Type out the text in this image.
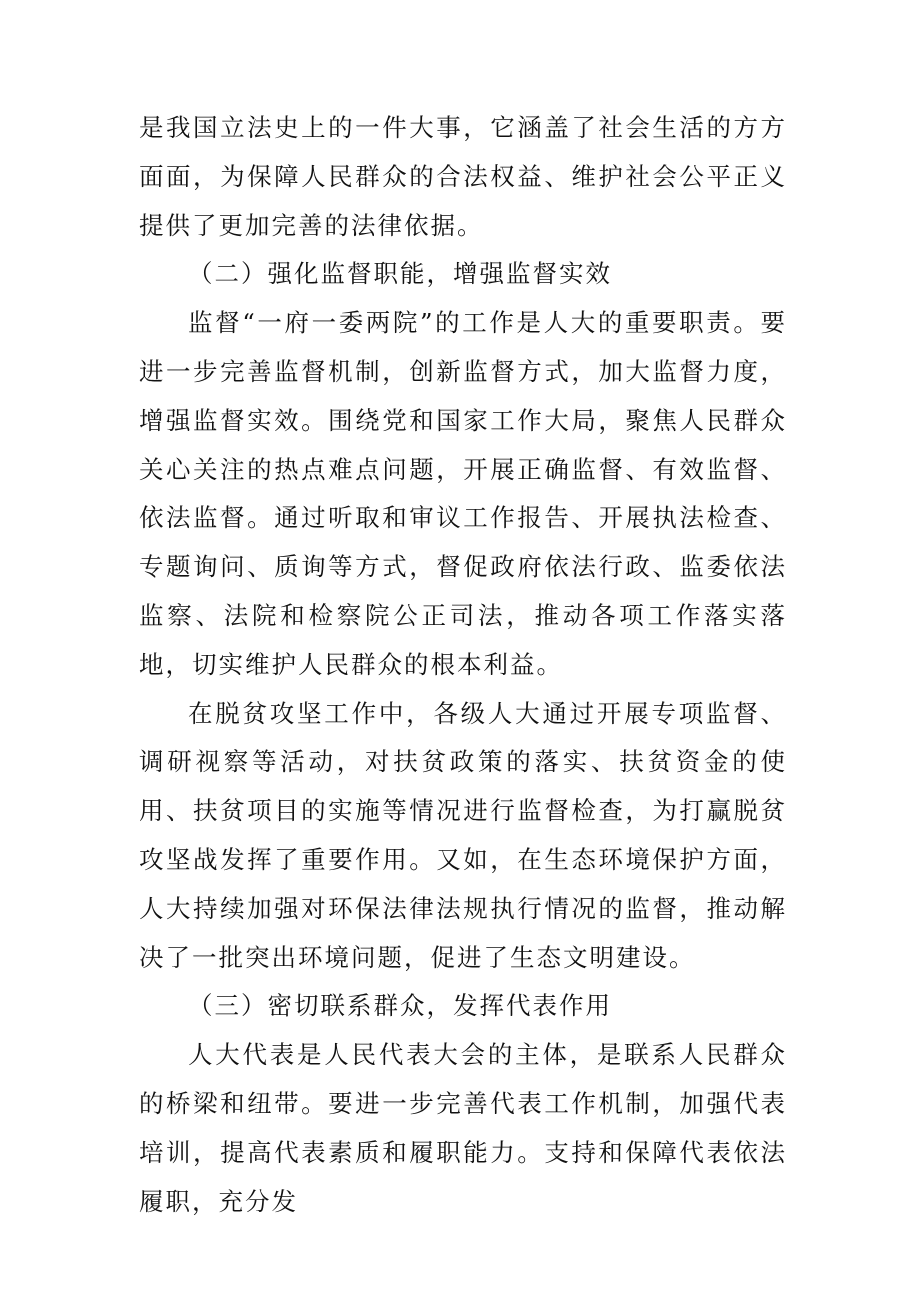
是我国立法史上的一件大事，它涵盖了社会生活的方方面面，为保障人民群众的合法权益、维护社会公平正义提供了更加完善的法律依据。

（二）强化监督职能，增强监督实效

监督“一府一委两院”的工作是人大的重要职责。要进一步完善监督机制，创新监督方式，加大监督力度，增强监督实效。围绕党和国家工作大局，聚焦人民群众关心关注的热点难点问题，开展正确监督、有效监督、依法监督。通过听取和审议工作报告、开展执法检查、专题询问、质询等方式，督促政府依法行政、监委依法监察、法院和检察院公正司法，推动各项工作落实落地，切实维护人民群众的根本利益。

在脱贫攻坚工作中，各级人大通过开展专项监督、调研视察等活动，对扶贫政策的落实、扶贫资金的使用、扶贫项目的实施等情况进行监督检查，为打赢脱贫攻坚战发挥了重要作用。又如，在生态环境保护方面，人大持续加强对环保法律法规执行情况的监督，推动解决了一批突出环境问题，促进了生态文明建设。

（三）密切联系群众，发挥代表作用

人大代表是人民代表大会的主体，是联系人民群众的桥梁和纽带。要进一步完善代表工作机制，加强代表培训，提高代表素质和履职能力。支持和保障代表依法履职，充分发
